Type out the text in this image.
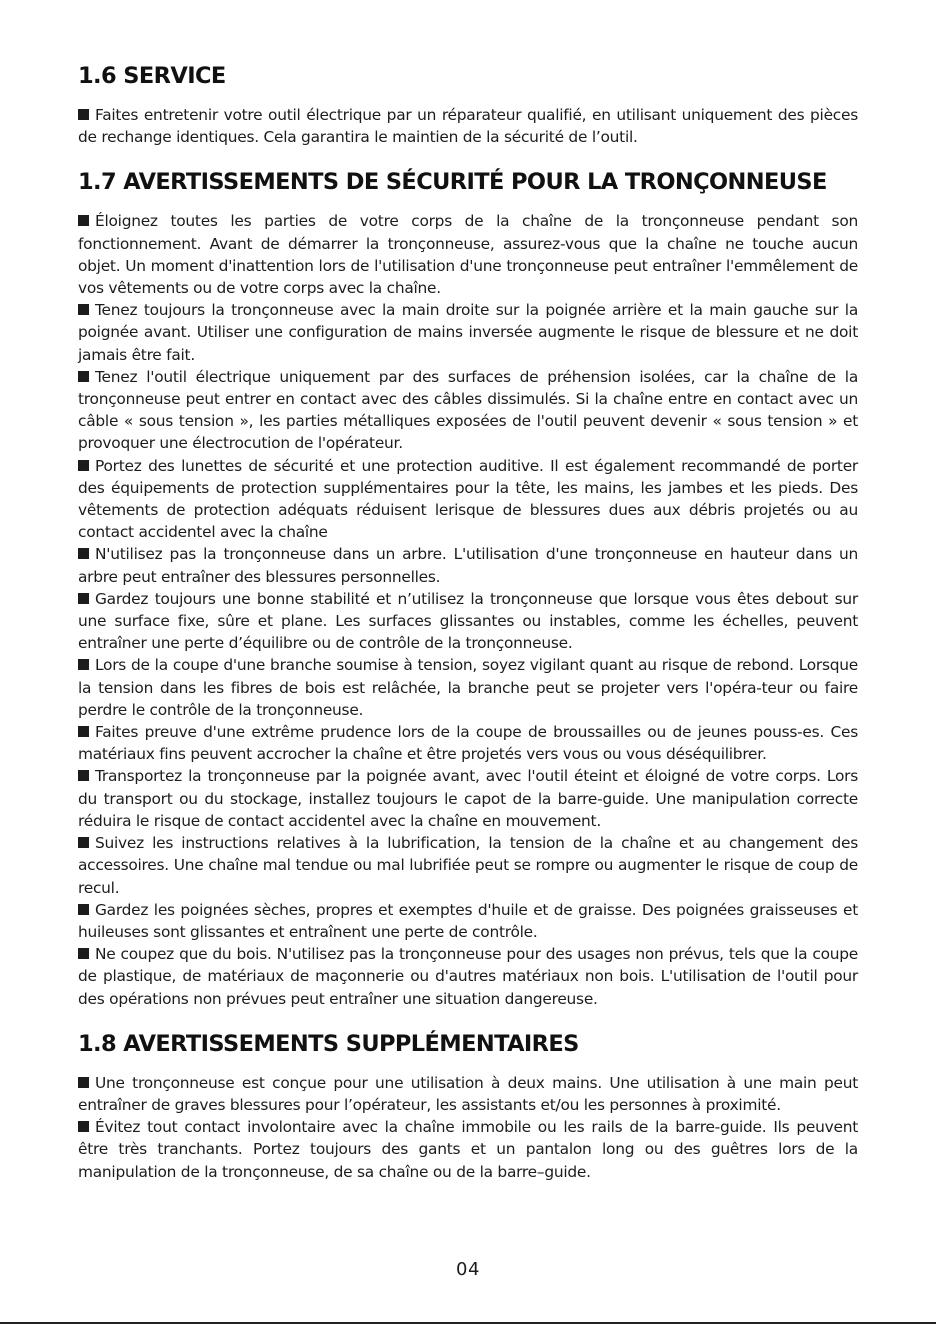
1.6 SERVICE

Faites entretenir votre outil électrique par un réparateur qualifié, en utilisant uniquement des pièces de rechange identiques. Cela garantira le maintien de la sécurité de l’outil.

1.7 AVERTISSEMENTS DE SÉCURITÉ POUR LA TRONÇONNEUSE

Éloignez toutes les parties de votre corps de la chaîne de la tronçonneuse pendant son fonctionnement. Avant de démarrer la tronçonneuse, assurez-vous que la chaîne ne touche aucun objet. Un moment d'inattention lors de l'utilisation d'une tronçonneuse peut entraîner l'emmêlement de vos vêtements ou de votre corps avec la chaîne.

Tenez toujours la tronçonneuse avec la main droite sur la poignée arrière et la main gauche sur la poignée avant. Utiliser une configuration de mains inversée augmente le risque de blessure et ne doit jamais être fait.

Tenez l'outil électrique uniquement par des surfaces de préhension isolées, car la chaîne de la tronçonneuse peut entrer en contact avec des câbles dissimulés. Si la chaîne entre en contact avec un câble « sous tension », les parties métalliques exposées de l'outil peuvent devenir « sous tension » et provoquer une électrocution de l'opérateur.

Portez des lunettes de sécurité et une protection auditive. Il est également recommandé de porter des équipements de protection supplémentaires pour la tête, les mains, les jambes et les pieds. Des vêtements de protection adéquats réduisent lerisque de blessures dues aux débris projetés ou au contact accidentel avec la chaîne

N'utilisez pas la tronçonneuse dans un arbre. L'utilisation d'une tronçonneuse en hauteur dans un arbre peut entraîner des blessures personnelles.

Gardez toujours une bonne stabilité et n’utilisez la tronçonneuse que lorsque vous êtes debout sur une surface fixe, sûre et plane. Les surfaces glissantes ou instables, comme les échelles, peuvent entraîner une perte d’équilibre ou de contrôle de la tronçonneuse.

Lors de la coupe d'une branche soumise à tension, soyez vigilant quant au risque de rebond. Lorsque la tension dans les fibres de bois est relâchée, la branche peut se projeter vers l'opéra-teur ou faire perdre le contrôle de la tronçonneuse.

Faites preuve d'une extrême prudence lors de la coupe de broussailles ou de jeunes pouss-es. Ces matériaux fins peuvent accrocher la chaîne et être projetés vers vous ou vous déséquilibrer.

Transportez la tronçonneuse par la poignée avant, avec l'outil éteint et éloigné de votre corps. Lors du transport ou du stockage, installez toujours le capot de la barre-guide. Une manipulation correcte réduira le risque de contact accidentel avec la chaîne en mouvement.

Suivez les instructions relatives à la lubrification, la tension de la chaîne et au changement des accessoires. Une chaîne mal tendue ou mal lubrifiée peut se rompre ou augmenter le risque de coup de recul.

Gardez les poignées sèches, propres et exemptes d'huile et de graisse. Des poignées graisseuses et huileuses sont glissantes et entraînent une perte de contrôle.

Ne coupez que du bois. N'utilisez pas la tronçonneuse pour des usages non prévus, tels que la coupe de plastique, de matériaux de maçonnerie ou d'autres matériaux non bois. L'utilisation de l'outil pour des opérations non prévues peut entraîner une situation dangereuse.

1.8 AVERTISSEMENTS SUPPLÉMENTAIRES

Une tronçonneuse est conçue pour une utilisation à deux mains. Une utilisation à une main peut entraîner de graves blessures pour l’opérateur, les assistants et/ou les personnes à proximité.

Évitez tout contact involontaire avec la chaîne immobile ou les rails de la barre-guide. Ils peuvent être très tranchants. Portez toujours des gants et un pantalon long ou des guêtres lors de la manipulation de la tronçonneuse, de sa chaîne ou de la barre–guide.

04
